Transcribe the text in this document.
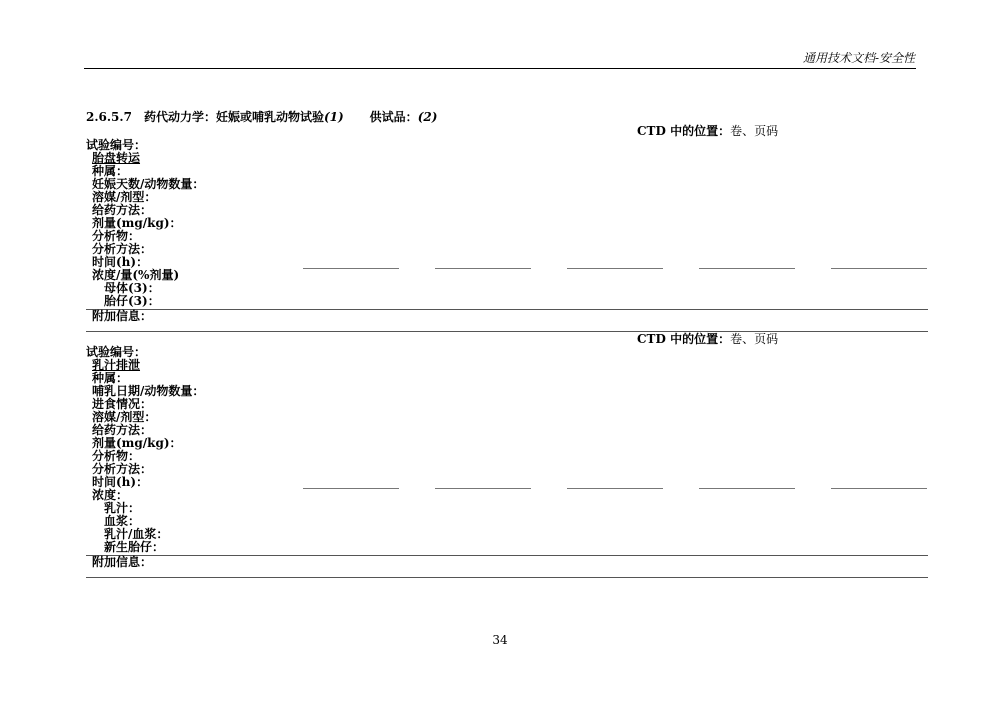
通用技术文档-安全性
2.6.5.7 药代动力学：妊娠或哺乳动物试验(1) 供试品：(2)
CTD 中的位置：卷、页码
试验编号：
胎盘转运
种属：
妊娠天数/动物数量：
溶媒/剂型：
给药方法：
剂量(mg/kg)：
分析物：
分析方法：
时间(h)：
浓度/量(%剂量)
母体(3)：
胎仔(3)：
附加信息：
CTD 中的位置：卷、页码
试验编号：
乳汁排泄
种属：
哺乳日期/动物数量：
进食情况：
溶媒/剂型：
给药方法：
剂量(mg/kg)：
分析物：
分析方法：
时间(h)：
浓度：
乳汁：
血浆：
乳汁/血浆：
新生胎仔：
附加信息：
34
